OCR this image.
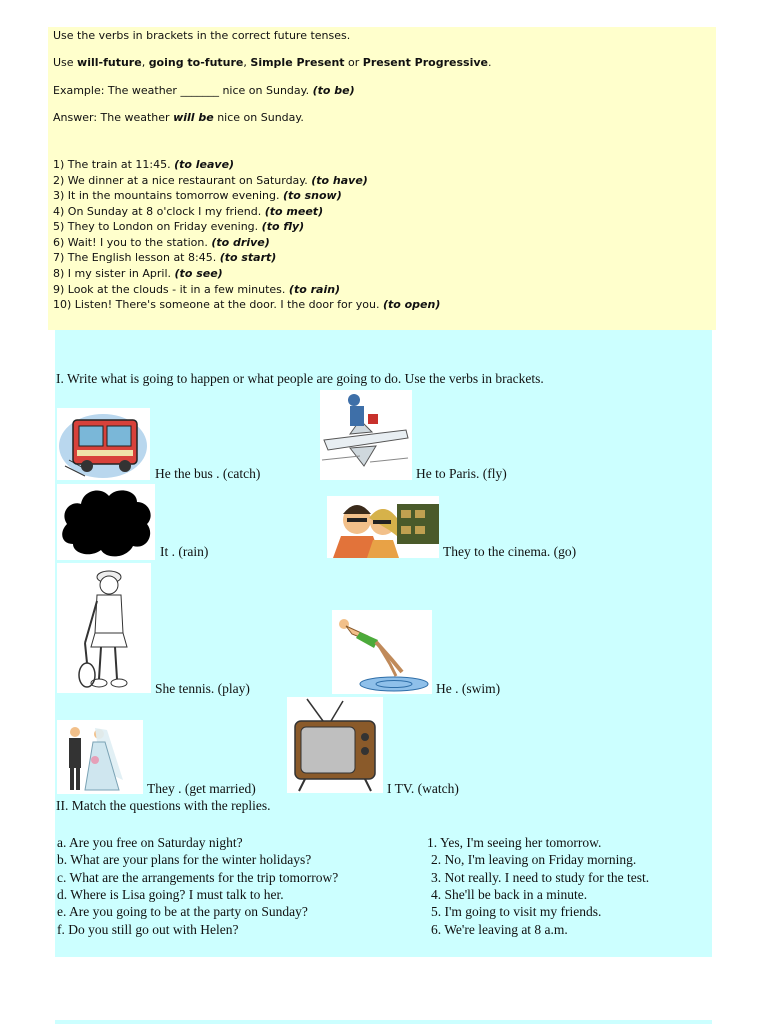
Use the verbs in brackets in the correct future tenses.
Use will-future, going to-future, Simple Present or Present Progressive.
Example: The weather _______ nice on Sunday. (to be)
Answer: The weather will be nice on Sunday.
1) The train at 11:45. (to leave)
2) We dinner at a nice restaurant on Saturday. (to have)
3) It in the mountains tomorrow evening. (to snow)
4) On Sunday at 8 o'clock I my friend. (to meet)
5) They to London on Friday evening. (to fly)
6) Wait! I you to the station. (to drive)
7) The English lesson at 8:45. (to start)
8) I my sister in April. (to see)
9) Look at the clouds - it in a few minutes. (to rain)
10) Listen! There's someone at the door. I the door for you. (to open)
I. Write what is going to happen or what people are going to do. Use the verbs in brackets.
He the bus . (catch)	He to Paris. (fly)
It . (rain)	They to the cinema. (go)
She tennis. (play)	He . (swim)
They . (get married)	I TV. (watch)
II. Match the questions with the replies.
a. Are you free on Saturday night?
b. What are your plans for the winter holidays?
c. What are the arrangements for the trip tomorrow?
d. Where is Lisa going? I must talk to her.
e. Are you going to be at the party on Sunday?
f. Do you still go out with Helen?
1. Yes, I'm seeing her tomorrow.
2. No, I'm leaving on Friday morning.
3. Not really. I need to study for the test.
4. She'll be back in a minute.
5. I'm going to visit my friends.
6. We're leaving at 8 a.m.
